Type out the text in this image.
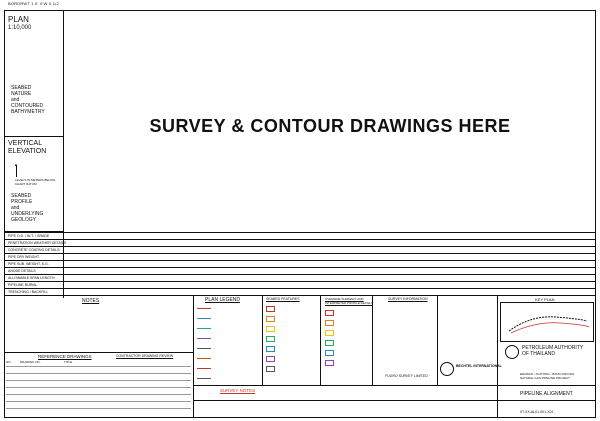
BORDRWT 1.0' X'W 0-1/2
PLAN
1:10,000
SEABED
NATURE
and
CONTOURED
BATHYMETRY
VERTICAL
ELEVATION
▲
LEVELS IN METERS BELOW CHART DATUM
SEABED
PROFILE
and
UNDERLYING
GEOLOGY
SURVEY & CONTOUR DRAWINGS HERE
PIPE O.D. / W.T. / GRADE
PENETRATION WEATHER DETAILS
CONCRETE COATING DETAILS
PIPE DRY WEIGHT
PIPE SUB. WEIGHT, S.G.
ANODE DETAILS
ALLOWABLE SPAN LENGTH
PIPELINE BURIAL
TRENCHING / BACKFILL
NOTES
REFERENCE DRAWINGS
NO.	DRAWING NO.	TITLE
CONTRACTOR DRAWING REVIEW
PLAN LEGEND	SEABED FEATURES	OVERSIDE SUMMARY AND
INTERPRETED PROFILE DETAILS
SURVEY INFORMATION
SURVEY NOTES
KEY PLAN
PETROLEUM AUTHORITY
OF THAILAND
ERAWAN - PLATONG - BANG PAKONG
NATURAL GAS PIPELINE PROJECT
PIPELINE ALIGNMENT
0T-XX-AL01-001-X01
BECHTEL INTERNATIONAL
FUGRO SURVEY LIMITED
